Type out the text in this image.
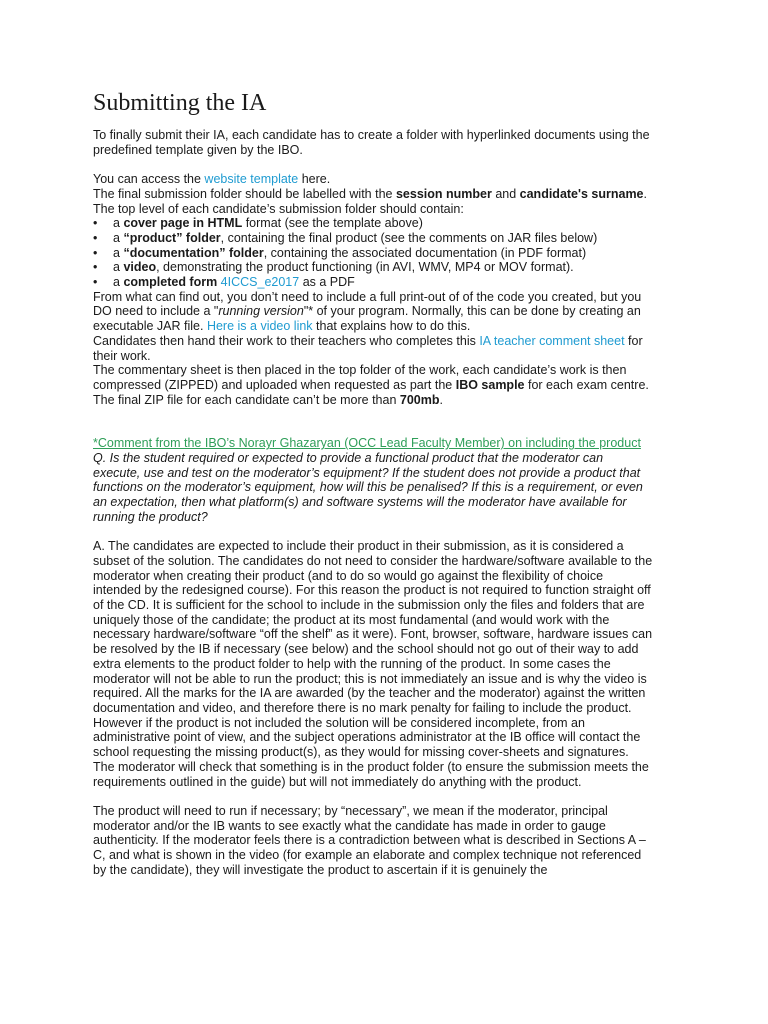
Submitting the IA

To finally submit their IA, each candidate has to create a folder with hyperlinked documents using the predefined template given by the IBO.

You can access the website template here.

The final submission folder should be labelled with the session number and candidate's surname.

The top level of each candidate’s submission folder should contain:

• a cover page in HTML format (see the template above)
• a “product” folder, containing the final product (see the comments on JAR files below)
• a “documentation” folder, containing the associated documentation (in PDF format)
• a video, demonstrating the product functioning (in AVI, WMV, MP4 or MOV format).
• a completed form 4ICCS_e2017 as a PDF

From what can find out, you don’t need to include a full print-out of of the code you created, but you DO need to include a "running version"* of your program. Normally, this can be done by creating an executable JAR file. Here is a video link that explains how to do this.

Candidates then hand their work to their teachers who completes this IA teacher comment sheet for their work.

The commentary sheet is then placed in the top folder of the work, each candidate’s work is then compressed (ZIPPED) and uploaded when requested as part the IBO sample for each exam centre.

The final ZIP file for each candidate can’t be more than 700mb.

*Comment from the IBO’s Norayr Ghazaryan (OCC Lead Faculty Member) on including the product

Q. Is the student required or expected to provide a functional product that the moderator can execute, use and test on the moderator’s equipment? If the student does not provide a product that functions on the moderator’s equipment, how will this be penalised? If this is a requirement, or even an expectation, then what platform(s) and software systems will the moderator have available for running the product?

A. The candidates are expected to include their product in their submission, as it is considered a subset of the solution. The candidates do not need to consider the hardware/software available to the moderator when creating their product (and to do so would go against the flexibility of choice intended by the redesigned course). For this reason the product is not required to function straight off of the CD. It is sufficient for the school to include in the submission only the files and folders that are uniquely those of the candidate; the product at its most fundamental (and would work with the necessary hardware/software “off the shelf” as it were). Font, browser, software, hardware issues can be resolved by the IB if necessary (see below) and the school should not go out of their way to add extra elements to the product folder to help with the running of the product. In some cases the moderator will not be able to run the product; this is not immediately an issue and is why the video is required. All the marks for the IA are awarded (by the teacher and the moderator) against the written documentation and video, and therefore there is no mark penalty for failing to include the product. However if the product is not included the solution will be considered incomplete, from an administrative point of view, and the subject operations administrator at the IB office will contact the school requesting the missing product(s), as they would for missing cover-sheets and signatures.

The moderator will check that something is in the product folder (to ensure the submission meets the requirements outlined in the guide) but will not immediately do anything with the product.

The product will need to run if necessary; by “necessary”, we mean if the moderator, principal moderator and/or the IB wants to see exactly what the candidate has made in order to gauge authenticity. If the moderator feels there is a contradiction between what is described in Sections A – C, and what is shown in the video (for example an elaborate and complex technique not referenced by the candidate), they will investigate the product to ascertain if it is genuinely the
